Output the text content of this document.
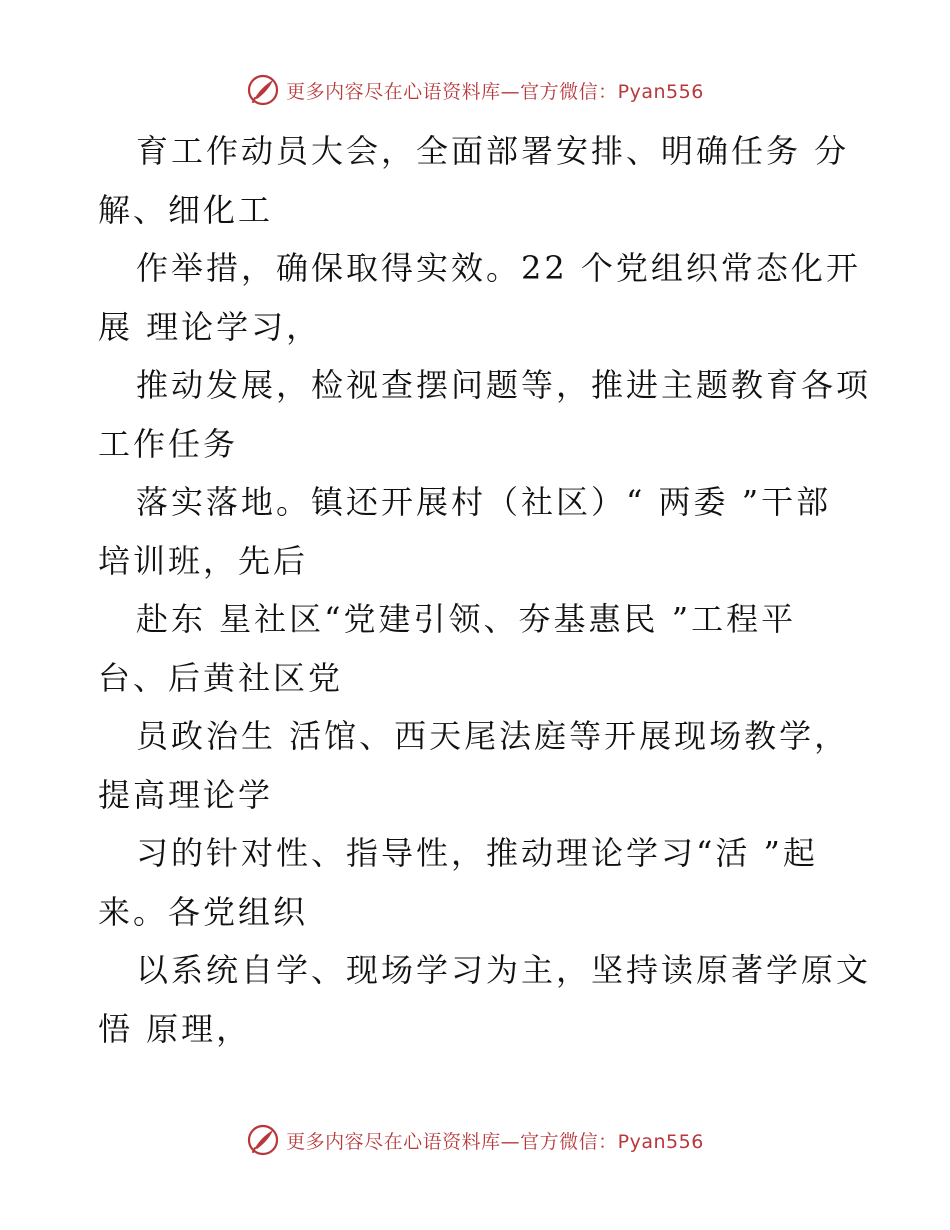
更多内容尽在心语资料库—官方微信：Pyan556
育工作动员大会，全面部署安排、明确任务 分
解、细化工
作举措，确保取得实效。22 个党组织常态化开
展 理论学习，
推动发展，检视查摆问题等，推进主题教育各项
工作任务
落实落地。镇还开展村（社区）“ 两委 ”干部
培训班，先后
赴东 星社区“党建引领、夯基惠民 ”工程平
台、后黄社区党
员政治生 活馆、西天尾法庭等开展现场教学，
提高理论学
习的针对性、指导性，推动理论学习“活 ”起
来。各党组织
以系统自学、现场学习为主，坚持读原著学原文
悟 原理，
更多内容尽在心语资料库—官方微信：Pyan556
